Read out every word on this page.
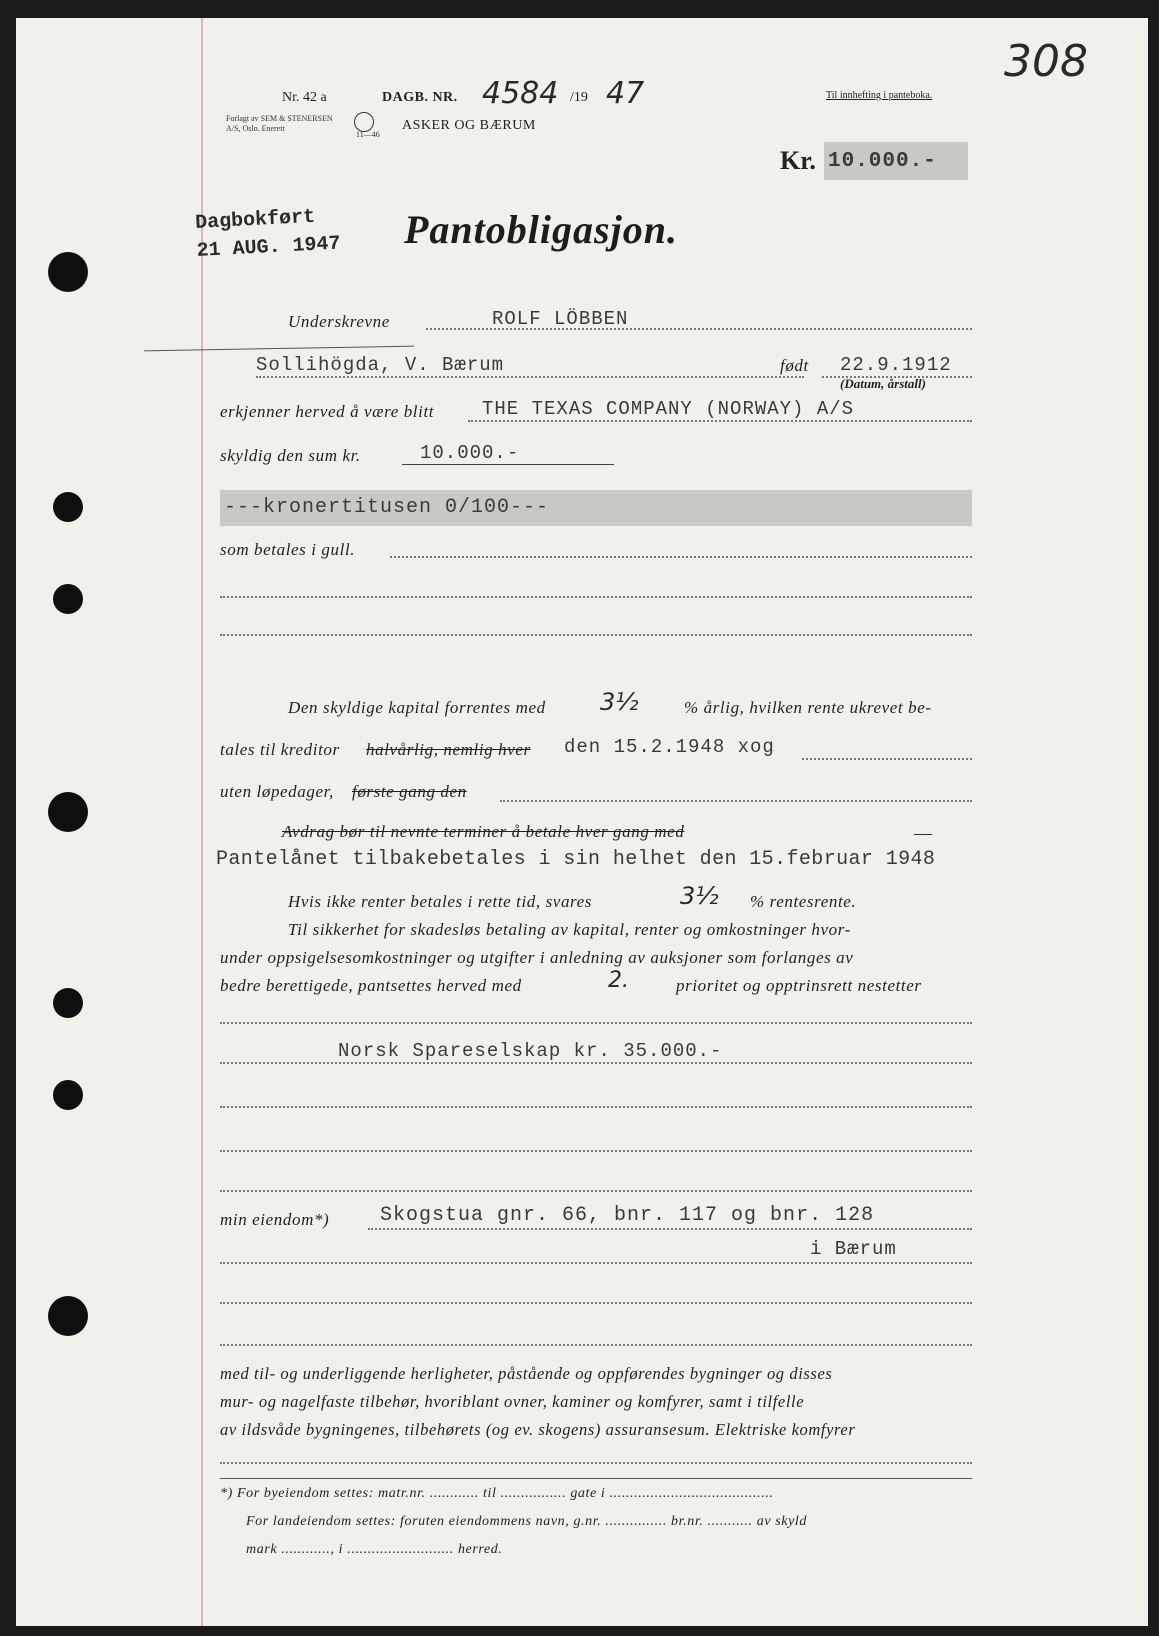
Nr. 42 a	DAGB. NR. 4584 /19 47
Forlagt av SEM & STENERSEN A/S, Oslo. Enerett
11—46
ASKER OG BÆRUM
Til innhefting i panteboka.
308
Kr. 10.000.-
Dagbokført
21 AUG. 1947 Pantobligasjon.
Underskrevne	ROLF LÖBBEN
Sollihögda, V. Bærum	født 22.9.1912
(Datum, årstall)
erkjenner herved å være blitt	THE TEXAS COMPANY (NORWAY) A/S
skyldig den sum kr.	10.000.-
---kronertitusen 0/100---
som betales i gull.
Den skyldige kapital forrentes med 3½	% årlig, hvilken rente ukrevet be-
tales til kreditor halvårlig, nemlig hver den 15.2.1948 xog
uten løpedager, første gang den
Avdrag bør til nevnte terminer å betale hver gang med
Pantelånet tilbakebetales i sin helhet den 15.februar 1948
Hvis ikke renter betales i rette tid, svares	3½ % rentesrente.
Til sikkerhet for skadesløs betaling av kapital, renter og omkostninger hvor-
under oppsigelsesomkostninger og utgifter i anledning av auksjoner som forlanges av
bedre berettigede, pantsettes herved med	2.	prioritet og opptrinsrett nestetter
Norsk Spareselskap kr. 35.000.-
min eiendom*)	Skogstua gnr. 66, bnr. 117 og bnr. 128
i Bærum
med til- og underliggende herligheter, påstående og oppførendes bygninger og disses
mur- og nagelfaste tilbehør, hvoriblant ovner, kaminer og komfyrer, samt i tilfelle
av ildsvåde bygningenes, tilbehørets (og ev. skogens) assuransesum. Elektriske komfyrer
*) For byeiendom settes: matr.nr. ............ til ................ gate i ........................................
For landeiendom settes: foruten eiendommens navn, g.nr. ............... br.nr. ........... av skyld
mark ............, i .......................... herred.
